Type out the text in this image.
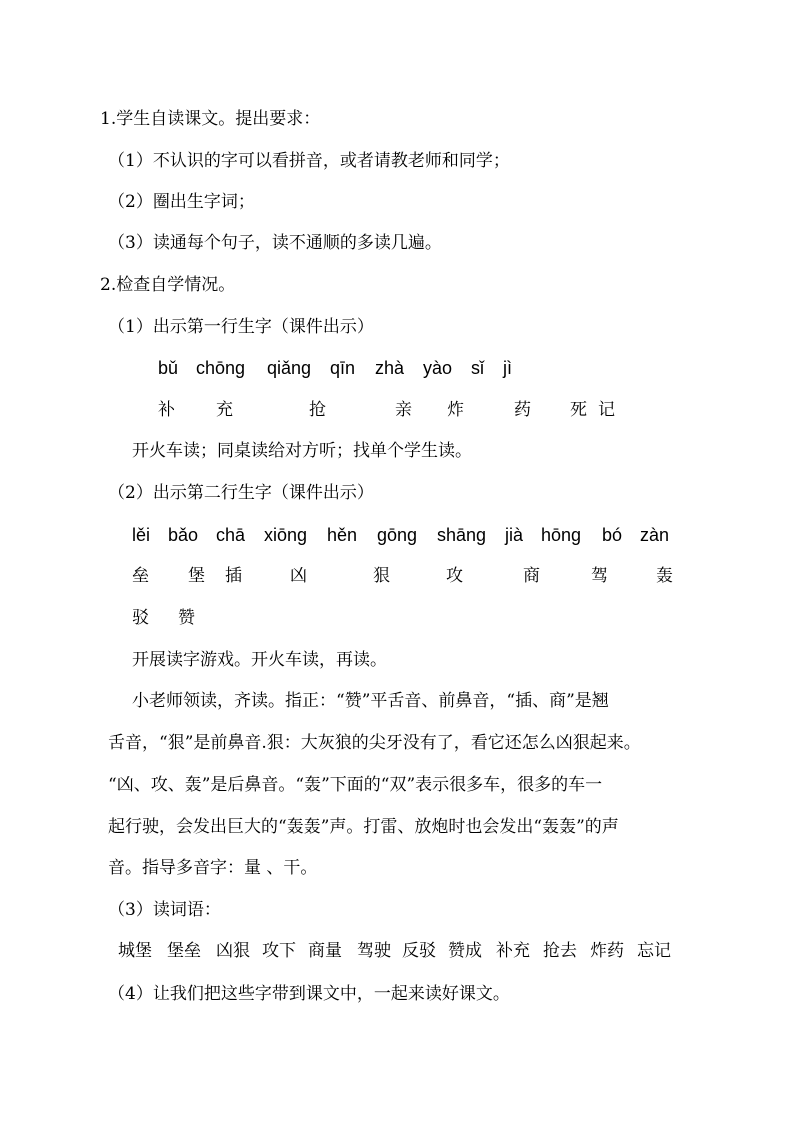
1.学生自读课文。提出要求：
（1）不认识的字可以看拼音，或者请教老师和同学；
（2）圈出生字词；
（3）读通每个句子，读不通顺的多读几遍。
2.检查自学情况。
（1）出示第一行生字（课件出示）
bǔ chōng qiǎng qīn zhà yào sǐ jì
补 充	抢	亲 炸	药 死 记
开火车读；同桌读给对方听；找单个学生读。
（2）出示第二行生字（课件出示）
lěi bǎo chā xiōng hěn gōng shāng jià hōng bó zàn
垒 堡 插	凶	狠	攻	商	驾	轰
驳 赞
开展读字游戏。开火车读，再读。
小老师领读，齐读。指正：“赞”平舌音、前鼻音，“插、商”是翘
舌音，“狠”是前鼻音.狠：大灰狼的尖牙没有了，看它还怎么凶狠起来。
“凶、攻、轰”是后鼻音。“轰”下面的“双”表示很多车，很多的车一
起行驶，会发出巨大的“轰轰”声。打雷、放炮时也会发出“轰轰”的声
音。指导多音字：量 、干。
（3）读词语：
城堡 堡垒 凶狠 攻下 商量 驾驶 反驳 赞成 补充 抢去 炸药 忘记
（4）让我们把这些字带到课文中，一起来读好课文。
